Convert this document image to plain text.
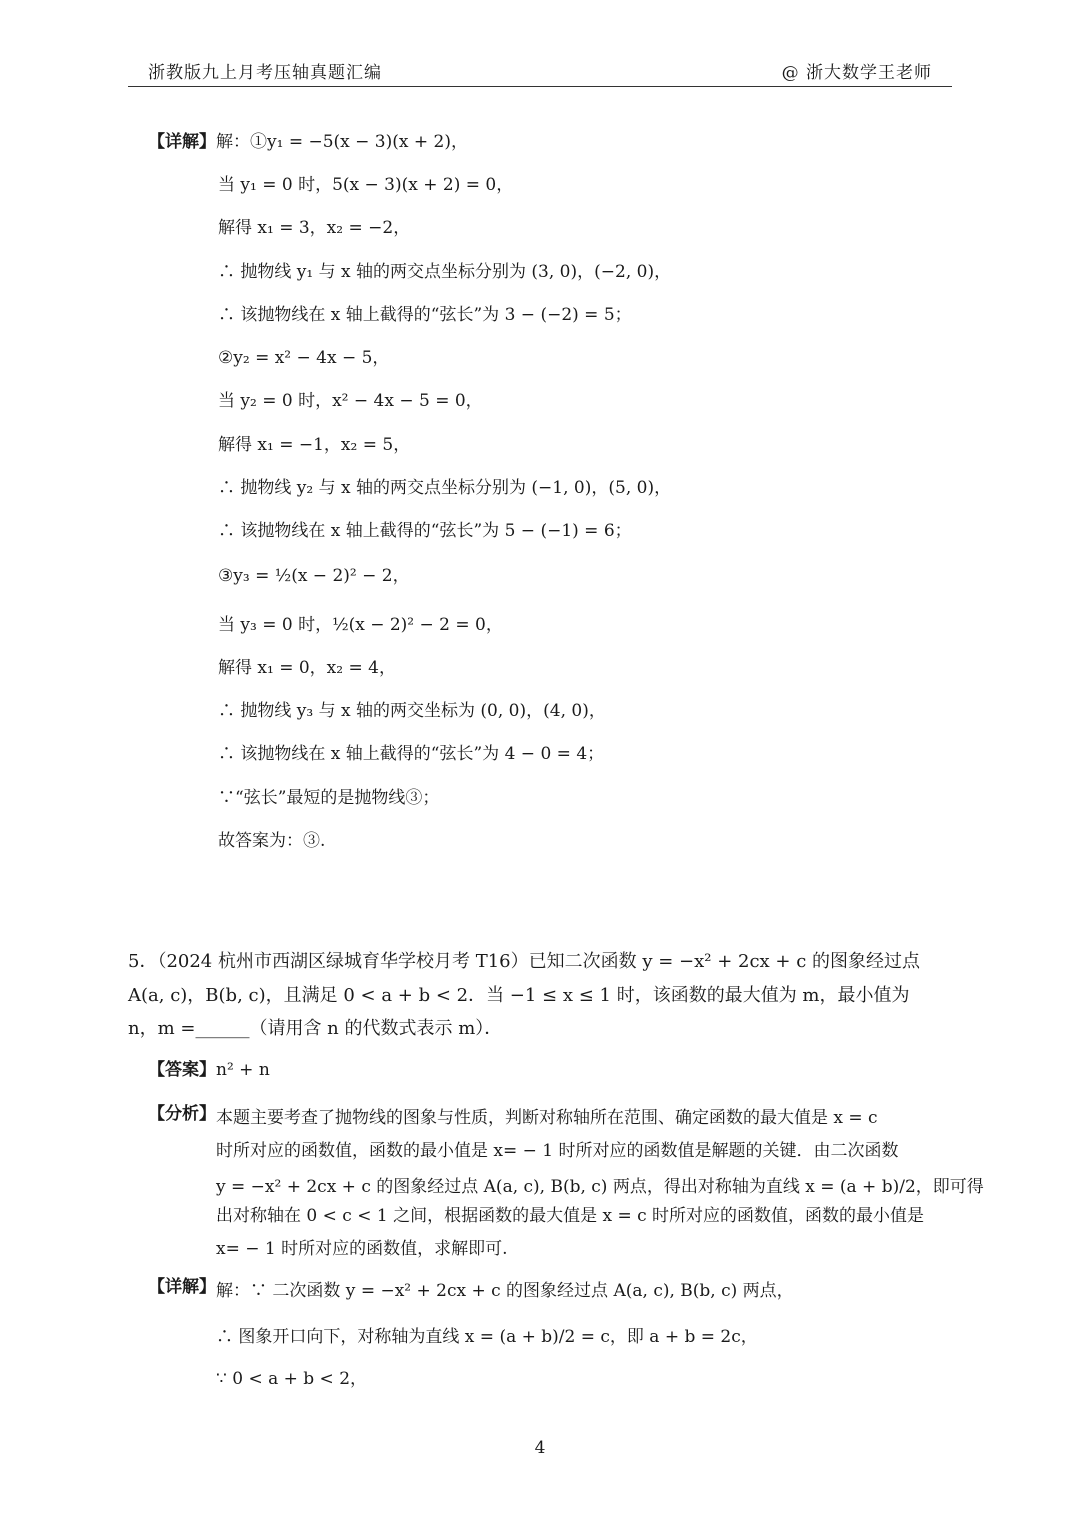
浙教版九上月考压轴真题汇编	@ 浙大数学王老师
【详解】解：①y₁ = −5(x − 3)(x + 2)，
当 y₁ = 0 时，5(x − 3)(x + 2) = 0，
解得 x₁ = 3，x₂ = −2，
∴ 抛物线 y₁ 与 x 轴的两交点坐标分别为 (3, 0)，(−2, 0)，
∴ 该抛物线在 x 轴上截得的“弦长”为 3 − (−2) = 5；
②y₂ = x² − 4x − 5，
当 y₂ = 0 时，x² − 4x − 5 = 0，
解得 x₁ = −1，x₂ = 5，
∴ 抛物线 y₂ 与 x 轴的两交点坐标分别为 (−1, 0)，(5, 0)，
∴ 该抛物线在 x 轴上截得的“弦长”为 5 − (−1) = 6；
③y₃ = ½(x − 2)² − 2，
当 y₃ = 0 时，½(x − 2)² − 2 = 0，
解得 x₁ = 0，x₂ = 4，
∴ 抛物线 y₃ 与 x 轴的两交坐标为 (0, 0)，(4, 0)，
∴ 该抛物线在 x 轴上截得的“弦长”为 4 − 0 = 4；
∵“弦长”最短的是抛物线③；
故答案为：③.
5．（2024 杭州市西湖区绿城育华学校月考 T16）已知二次函数 y = −x² + 2cx + c 的图象经过点
A(a, c)，B(b, c)，且满足 0 < a + b < 2．当 −1 ≤ x ≤ 1 时，该函数的最大值为 m，最小值为
n，m =______（请用含 n 的代数式表示 m）．
【答案】n² + n
【分析】 本题主要考查了抛物线的图象与性质，判断对称轴所在范围、确定函数的最大值是 x = c
时所对应的函数值，函数的最小值是 x= − 1 时所对应的函数值是解题的关键．由二次函数
y = −x² + 2cx + c 的图象经过点 A(a, c), B(b, c) 两点，得出对称轴为直线 x = (a + b)/2，即可得
出对称轴在 0 < c < 1 之间，根据函数的最大值是 x = c 时所对应的函数值，函数的最小值是
x= − 1 时所对应的函数值，求解即可.
【详解】 解：∵ 二次函数 y = −x² + 2cx + c 的图象经过点 A(a, c), B(b, c) 两点，
∴ 图象开口向下，对称轴为直线 x = (a + b)/2 = c，即 a + b = 2c，
∵ 0 < a + b < 2，
4
